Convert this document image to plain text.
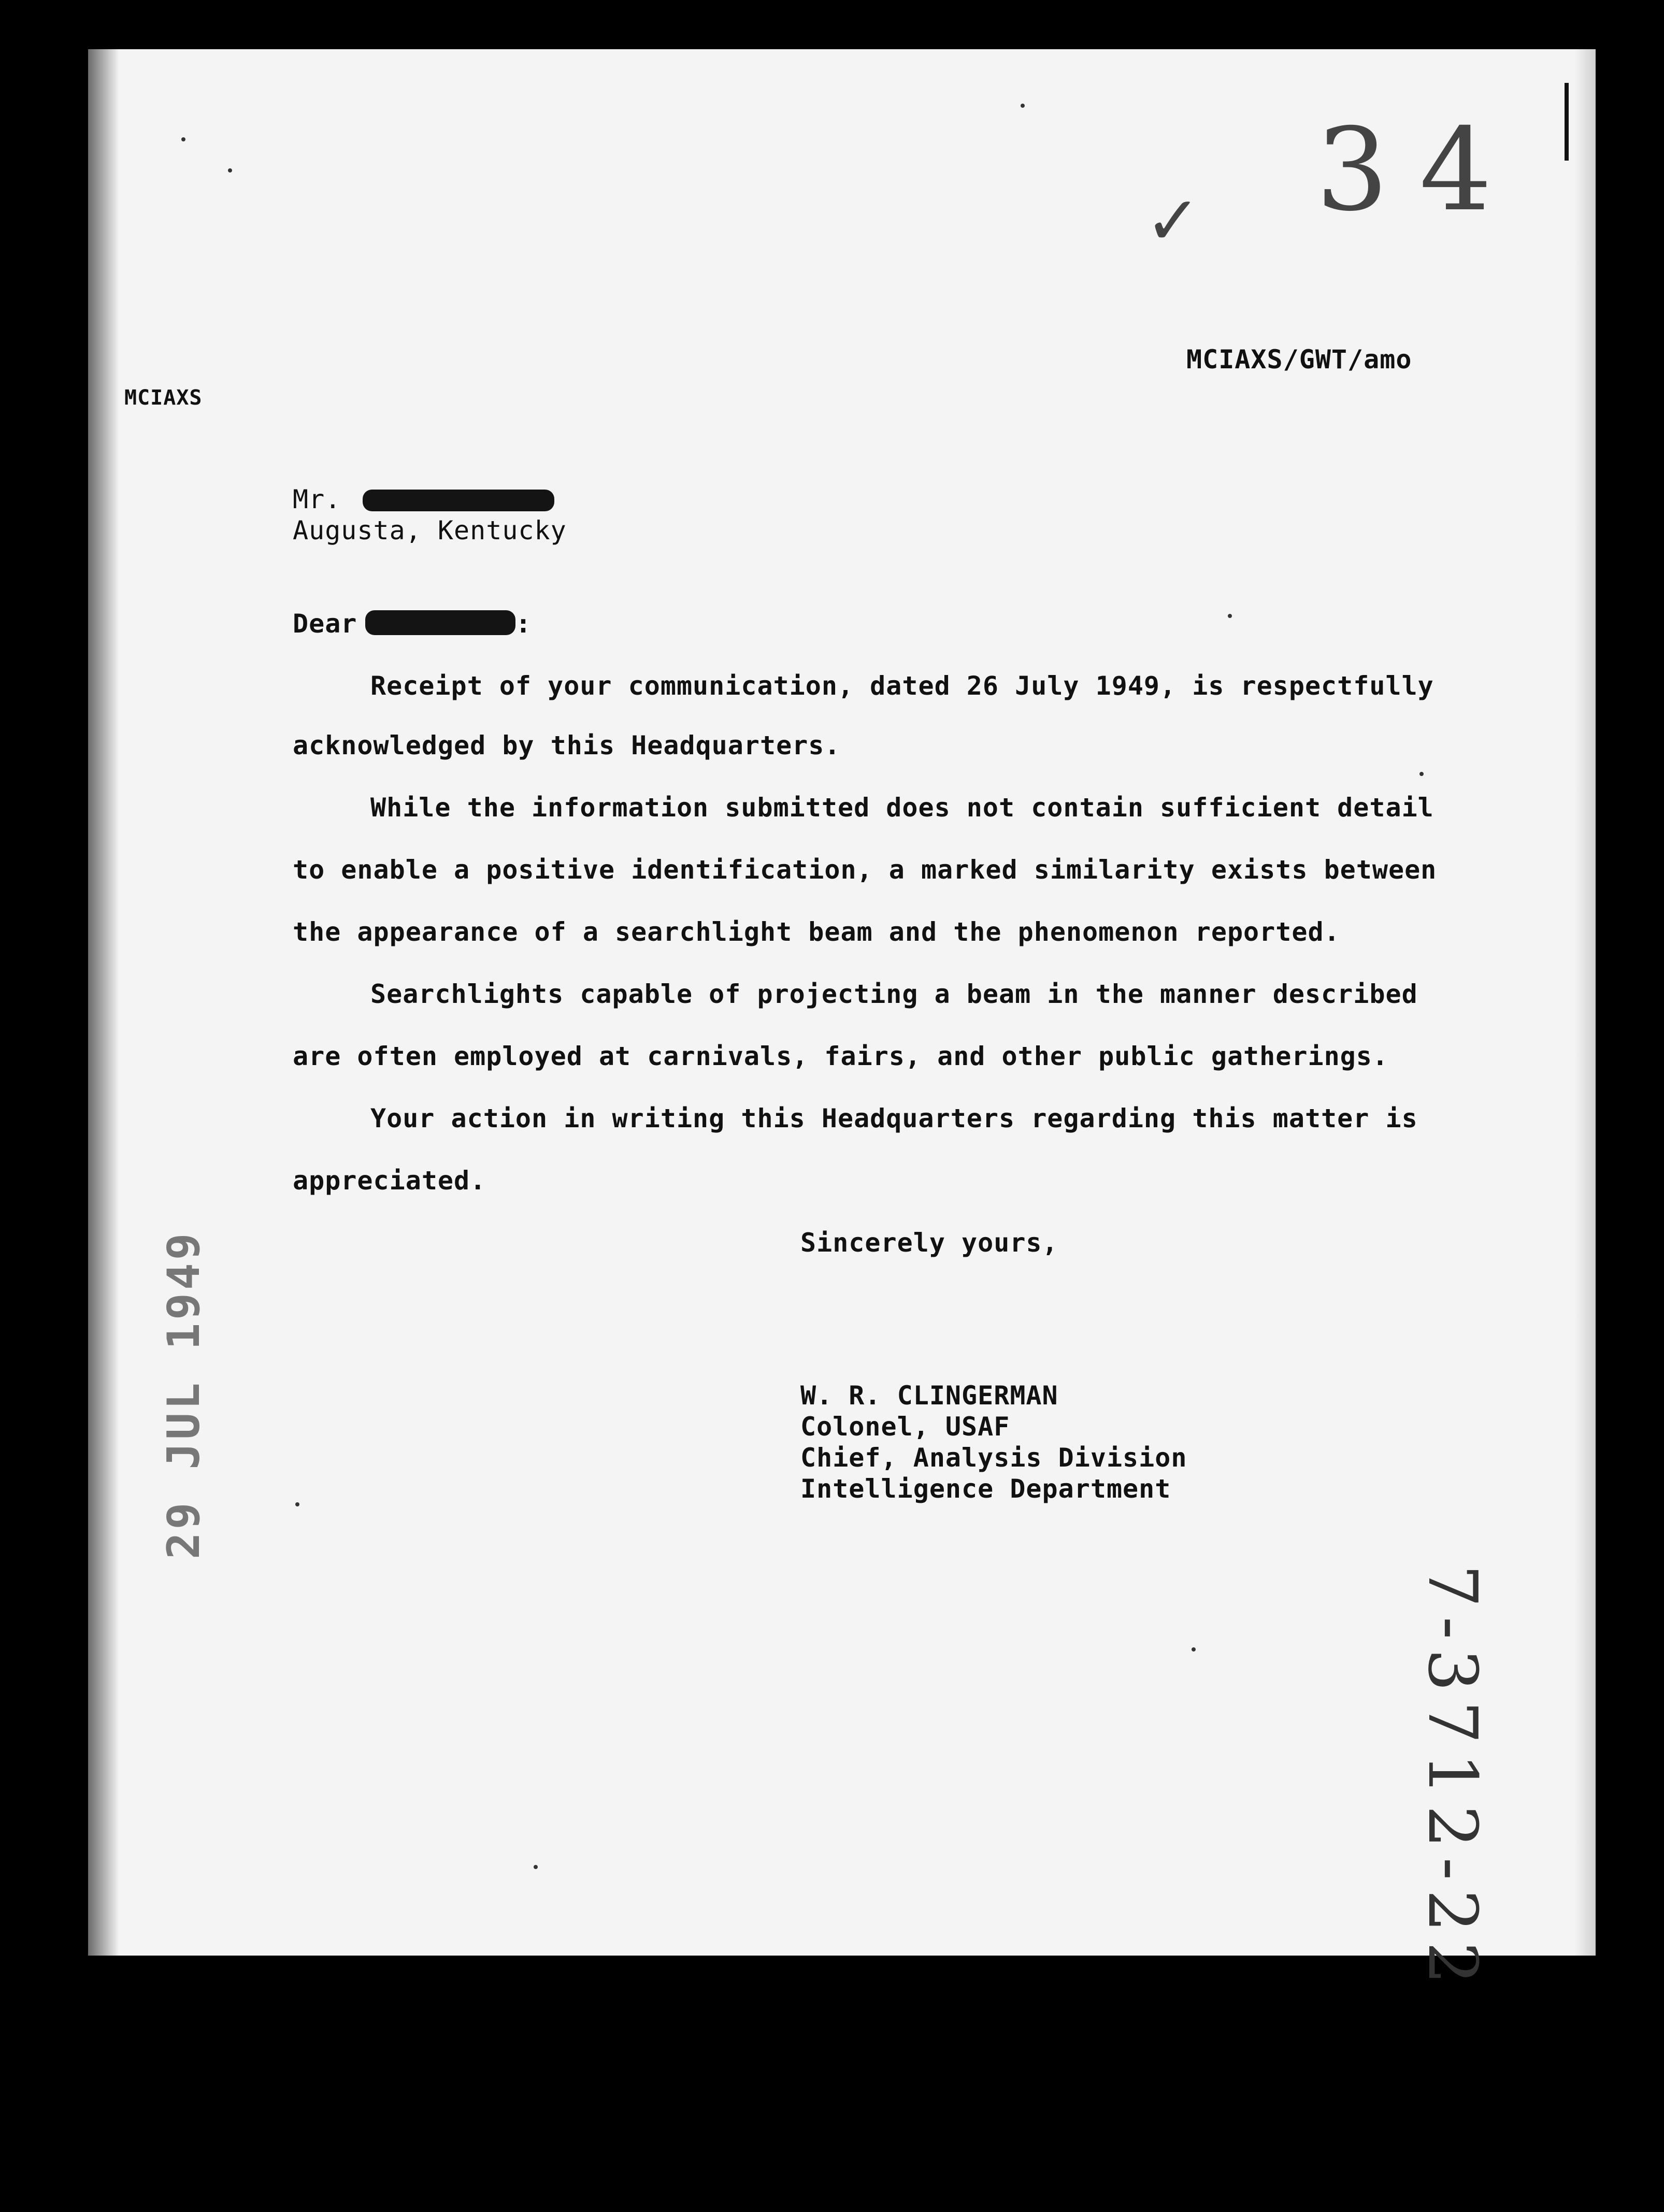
34
✓
MCIAXS/GWT/amo
MCIAXS
Mr.
Augusta, Kentucky
Dear	:
Receipt of your communication, dated 26 July 1949, is respectfully
acknowledged by this Headquarters.
While the information submitted does not contain sufficient detail
to enable a positive identification, a marked similarity exists between
the appearance of a searchlight beam and the phenomenon reported.
Searchlights capable of projecting a beam in the manner described
are often employed at carnivals, fairs, and other public gatherings.
Your action in writing this Headquarters regarding this matter is
appreciated.
Sincerely yours,
W. R. CLINGERMAN
Colonel, USAF
Chief, Analysis Division
Intelligence Department
29 JUL 1949
7-3712-22
